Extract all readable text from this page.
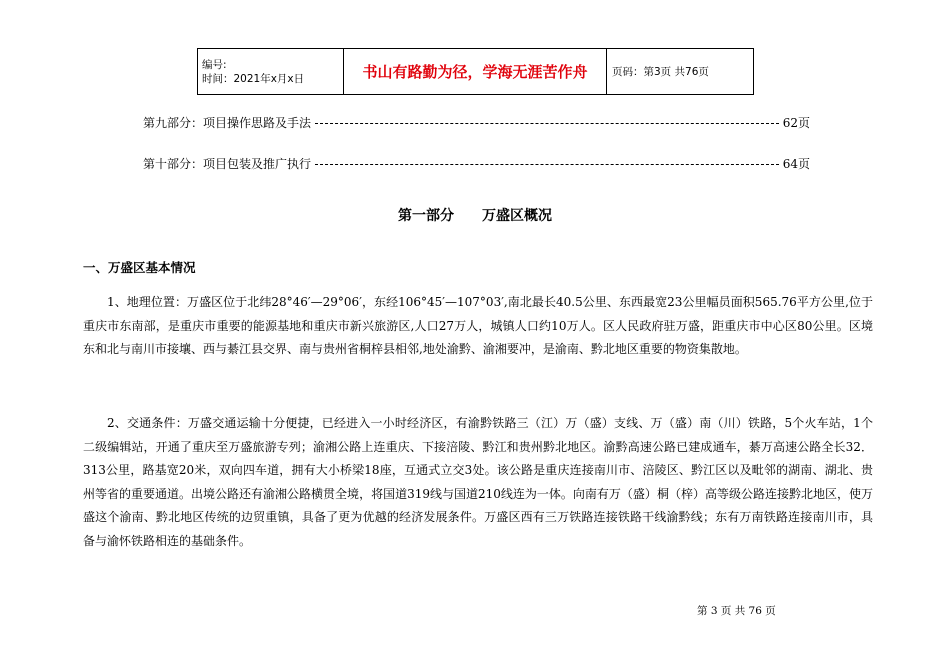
编号:
时间：2021年x月x日	书山有路勤为径，学海无涯苦作舟	页码：第3页 共76页
第九部分：项目操作思路及手法	62页
第十部分：项目包装及推广执行	64页
第一部分 万盛区概况
一、万盛区基本情况

1、地理位置：万盛区位于北纬28°46′—29°06′，东经106°45′—107°03′,南北最长40.5公里、东西最宽23公里幅员面积565.76平方公里,位于重庆市东南部，是重庆市重要的能源基地和重庆市新兴旅游区,人口27万人，城镇人口约10万人。区人民政府驻万盛，距重庆市中心区80公里。区境东和北与南川市接壤、西与綦江县交界、南与贵州省桐梓县相邻,地处渝黔、渝湘要冲，是渝南、黔北地区重要的物资集散地。

2、交通条件：万盛交通运输十分便捷，已经进入一小时经济区，有渝黔铁路三（江）万（盛）支线、万（盛）南（川）铁路，5个火车站，1个二级编辑站，开通了重庆至万盛旅游专列；渝湘公路上连重庆、下接涪陵、黔江和贵州黔北地区。渝黔高速公路已建成通车，綦万高速公路全长32．313公里，路基宽20米，双向四车道，拥有大小桥梁18座，互通式立交3处。该公路是重庆连接南川市、涪陵区、黔江区以及毗邻的湖南、湖北、贵州等省的重要通道。出境公路还有渝湘公路横贯全境，将国道319线与国道210线连为一体。向南有万（盛）桐（梓）高等级公路连接黔北地区，使万盛这个渝南、黔北地区传统的边贸重镇，具备了更为优越的经济发展条件。万盛区西有三万铁路连接铁路干线渝黔线；东有万南铁路连接南川市，具备与渝怀铁路相连的基础条件。

第 3 页 共 76 页
